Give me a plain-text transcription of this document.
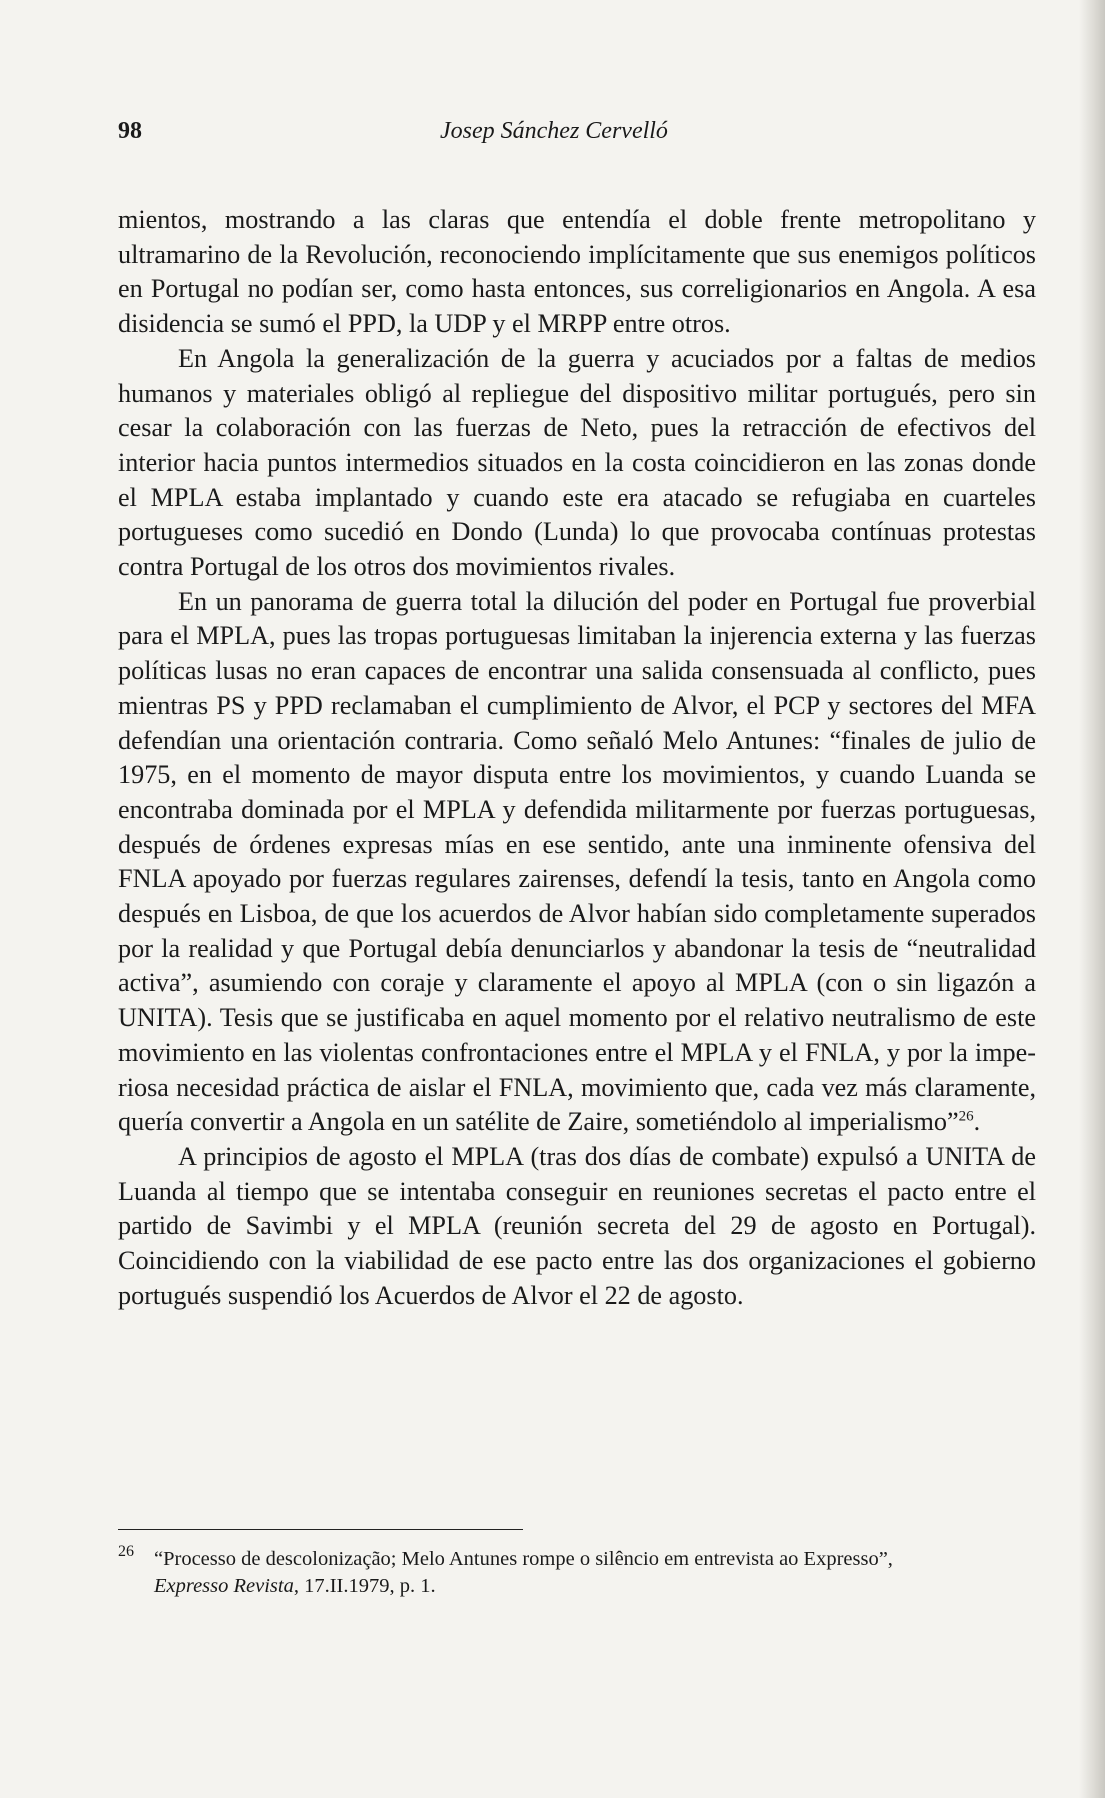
98	Josep Sánchez Cervelló

mientos, mostrando a las claras que entendía el doble frente metropolitano y ultramarino de la Revolución, reconociendo implícitamente que sus enemigos políticos en Portugal no podían ser, como hasta entonces, sus correligionarios en Angola. A esa disidencia se sumó el PPD, la UDP y el MRPP entre otros.

En Angola la generalización de la guerra y acuciados por a faltas de medios humanos y materiales obligó al repliegue del dispositivo militar portugués, pero sin cesar la colaboración con las fuerzas de Neto, pues la retracción de efectivos del interior hacia puntos intermedios situados en la costa coincidieron en las zonas donde el MPLA estaba implantado y cuando este era atacado se refugiaba en cuarteles portugueses como sucedió en Dondo (Lunda) lo que provocaba contínuas protestas contra Portugal de los otros dos movimientos rivales.

En un panorama de guerra total la dilución del poder en Portugal fue proverbial para el MPLA, pues las tropas portuguesas limitaban la injerencia externa y las fuerzas políticas lusas no eran capaces de encontrar una salida consensuada al conflicto, pues mientras PS y PPD reclamaban el cumplimiento de Alvor, el PCP y sectores del MFA defendían una orientación contraria. Como señaló Melo Antunes: “finales de julio de 1975, en el momento de mayor disputa entre los movimientos, y cuando Luanda se encontraba dominada por el MPLA y defendida militarmente por fuerzas portuguesas, después de órdenes expresas mías en ese sentido, ante una inminente ofensiva del FNLA apoyado por fuerzas regulares zairenses, defendí la tesis, tanto en Angola como después en Lisboa, de que los acuerdos de Alvor habían sido completamente superados por la realidad y que Portugal debía denunciarlos y abandonar la tesis de “neutralidad activa”, asumiendo con coraje y claramente el apoyo al MPLA (con o sin ligazón a UNITA). Tesis que se justificaba en aquel momento por el relativo neutralismo de este movimiento en las violentas confrontaciones entre el MPLA y el FNLA, y por la imperiosa necesidad práctica de aislar el FNLA, movimiento que, cada vez más claramente, quería convertir a Angola en un satélite de Zaire, sometiéndolo al imperialismo”$^{26}$.

A principios de agosto el MPLA (tras dos días de combate) expulsó a UNITA de Luanda al tiempo que se intentaba conseguir en reuniones secretas el pacto entre el partido de Savimbi y el MPLA (reunión secreta del 29 de agosto en Portugal). Coincidiendo con la viabilidad de ese pacto entre las dos organizaciones el gobierno portugués suspendió los Acuerdos de Alvor el 22 de agosto.

26 “Processo de descolonização; Melo Antunes rompe o silêncio em entrevista ao Expresso”,
Expresso Revista, 17.II.1979, p. 1.
